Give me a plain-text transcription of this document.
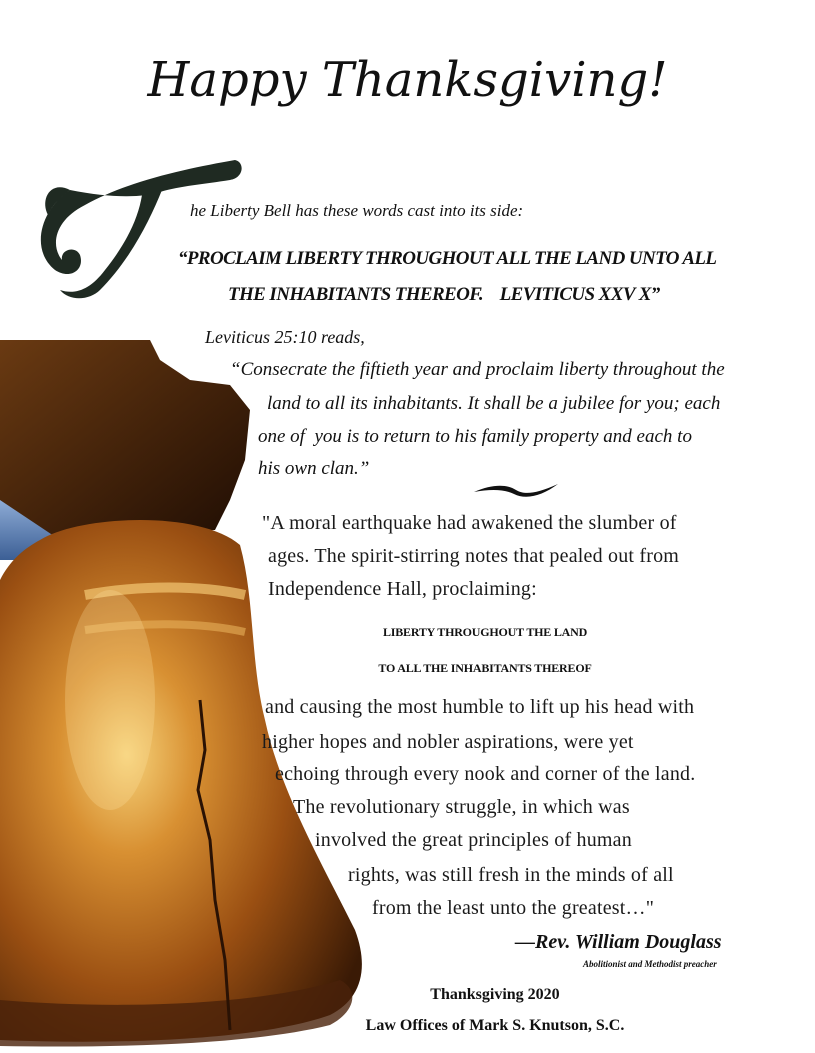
Happy Thanksgiving!
he Liberty Bell has these words cast into its side:
“PROCLAIM LIBERTY THROUGHOUT ALL THE LAND UNTO ALL
THE INHABITANTS THEREOF.    LEVITICUS XXV X”
Leviticus 25:10 reads,
“Consecrate the fiftieth year and proclaim liberty throughout the
land to all its inhabitants. It shall be a jubilee for you; each
one of  you is to return to his family property and each to
his own clan.”
"A moral earthquake had awakened the slumber of
ages. The spirit-stirring notes that pealed out from
Independence Hall, proclaiming:
LIBERTY THROUGHOUT THE LAND
TO ALL THE INHABITANTS THEREOF
and causing the most humble to lift up his head with
higher hopes and nobler aspirations, were yet
echoing through every nook and corner of the land.
The revolutionary struggle, in which was
involved the great principles of human
rights, was still fresh in the minds of all
from the least unto the greatest…"
—Rev. William Douglass
Abolitionist and Methodist preacher
Thanksgiving 2020
Law Offices of Mark S. Knutson, S.C.
